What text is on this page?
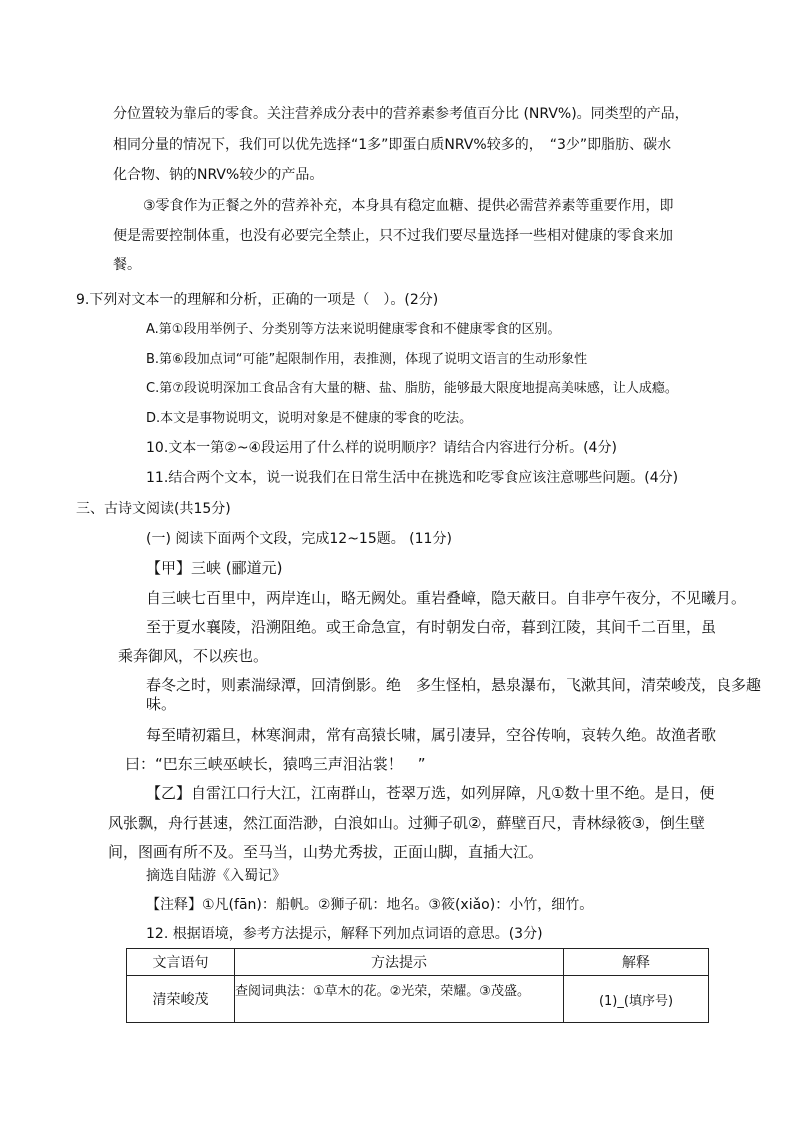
分位置较为靠后的零食。关注营养成分表中的营养素参考值百分比 (NRV%)。同类型的产品，
相同分量的情况下，我们可以优先选择“1多”即蛋白质NRV%较多的，　“3少”即脂肪、碳水
化合物、钠的NRV%较少的产品。
③零食作为正餐之外的营养补充，本身具有稳定血糖、提供必需营养素等重要作用，即
便是需要控制体重，也没有必要完全禁止，只不过我们要尽量选择一些相对健康的零食来加
餐。
9.下列对文本一的理解和分析，正确的一项是（　）。(2分)
A.第①段用举例子、分类别等方法来说明健康零食和不健康零食的区别。
B.第⑥段加点词“可能”起限制作用，表推测，体现了说明文语言的生动形象性
C.第⑦段说明深加工食品含有大量的糖、盐、脂肪，能够最大限度地提高美味感，让人成瘾。
D.本文是事物说明文，说明对象是不健康的零食的吃法。
10.文本一第②~④段运用了什么样的说明顺序？请结合内容进行分析。(4分)
11.结合两个文本，说一说我们在日常生活中在挑选和吃零食应该注意哪些问题。(4分)
三、古诗文阅读(共15分)
(一) 阅读下面两个文段，完成12~15题。 (11分)
【甲】三峡 (郦道元)
自三峡七百里中，两岸连山，略无阙处。重岩叠嶂，隐天蔽日。自非亭午夜分，不见曦月。
至于夏水襄陵，沿溯阻绝。或王命急宣，有时朝发白帝，暮到江陵，其间千二百里，虽
乘奔御风，不以疾也。
春冬之时，则素湍绿潭，回清倒影。绝　多生怪柏，悬泉瀑布，飞漱其间，清荣峻茂，良多趣
味。
每至晴初霜旦，林寒涧肃，常有高猿长啸，属引凄异，空谷传响，哀转久绝。故渔者歌
曰：“巴东三峡巫峡长，猿鸣三声泪沾裳！　”
【乙】自雷江口行大江，江南群山，苍翠万选，如列屏障，凡①数十里不绝。是日，便
风张飘，舟行甚速，然江面浩渺，白浪如山。过狮子矶②，蘚壁百尺，青林绿筱③，倒生壁
间，图画有所不及。至马当，山势尤秀拔，正面山脚，直插大江。
摘选自陆游《入蜀记》
【注释】①凡(fān)：船帆。②狮子矶：地名。③筱(xiǎo)：小竹，细竹。
12. 根据语境，参考方法提示，解释下列加点词语的意思。(3分)
文言语句	方法提示	解释
清荣峻茂	查阅词典法：①草木的花。②光荣，荣耀。③茂盛。	(1)_(填序号)
